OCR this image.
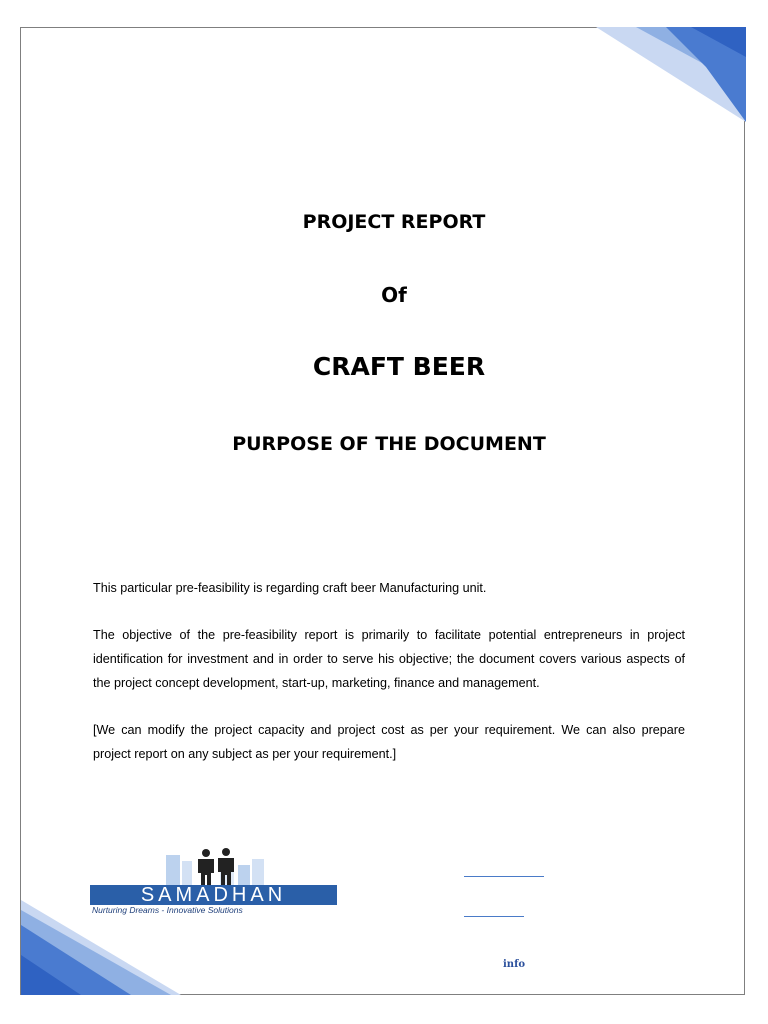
PROJECT REPORT
Of
CRAFT BEER
PURPOSE OF THE DOCUMENT
This particular pre-feasibility is regarding craft beer Manufacturing unit.
The objective of the pre-feasibility report is primarily to facilitate potential entrepreneurs in project identification for investment and in order to serve his objective; the document covers various aspects of the project concept development, start-up, marketing, finance and management.
[We can modify the project capacity and project cost as per your requirement. We can also prepare project report on any subject as per your requirement.]
SAMADHAN
Nurturing Dreams - Innovative Solutions
info
